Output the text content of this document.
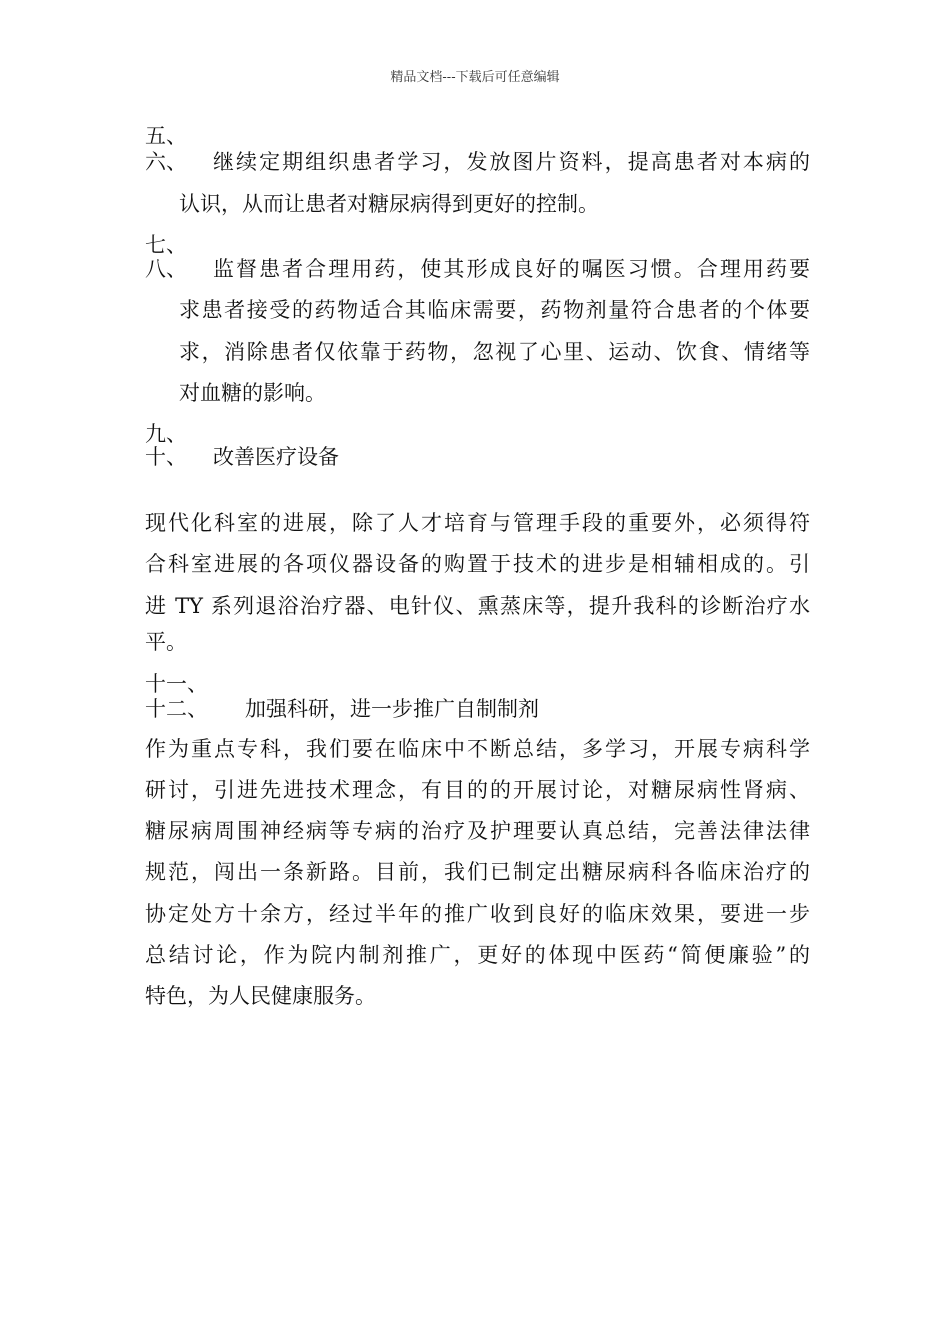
精品文档---下载后可任意编辑
五、
六、 继续定期组织患者学习，发放图片资料，提高患者对本病的
认识，从而让患者对糖尿病得到更好的控制。
七、
八、 监督患者合理用药，使其形成良好的嘱医习惯。合理用药要
求患者接受的药物适合其临床需要，药物剂量符合患者的个体要
求，消除患者仅依靠于药物，忽视了心里、运动、饮食、情绪等
对血糖的影响。
九、
十、 改善医疗设备
现代化科室的进展，除了人才培育与管理手段的重要外，必须得符
合科室进展的各项仪器设备的购置于技术的进步是相辅相成的。引
进 TY 系列退浴治疗器、电针仪、熏蒸床等，提升我科的诊断治疗水
平。
十一、
十二、 加强科研，进一步推广自制制剂
作为重点专科，我们要在临床中不断总结，多学习，开展专病科学
研讨，引进先进技术理念，有目的的开展讨论，对糖尿病性肾病、
糖尿病周围神经病等专病的治疗及护理要认真总结，完善法律法律
规范，闯出一条新路。目前，我们已制定出糖尿病科各临床治疗的
协定处方十余方，经过半年的推广收到良好的临床效果，要进一步
总结讨论，作为院内制剂推广，更好的体现中医药“简便廉验”的
特色，为人民健康服务。
